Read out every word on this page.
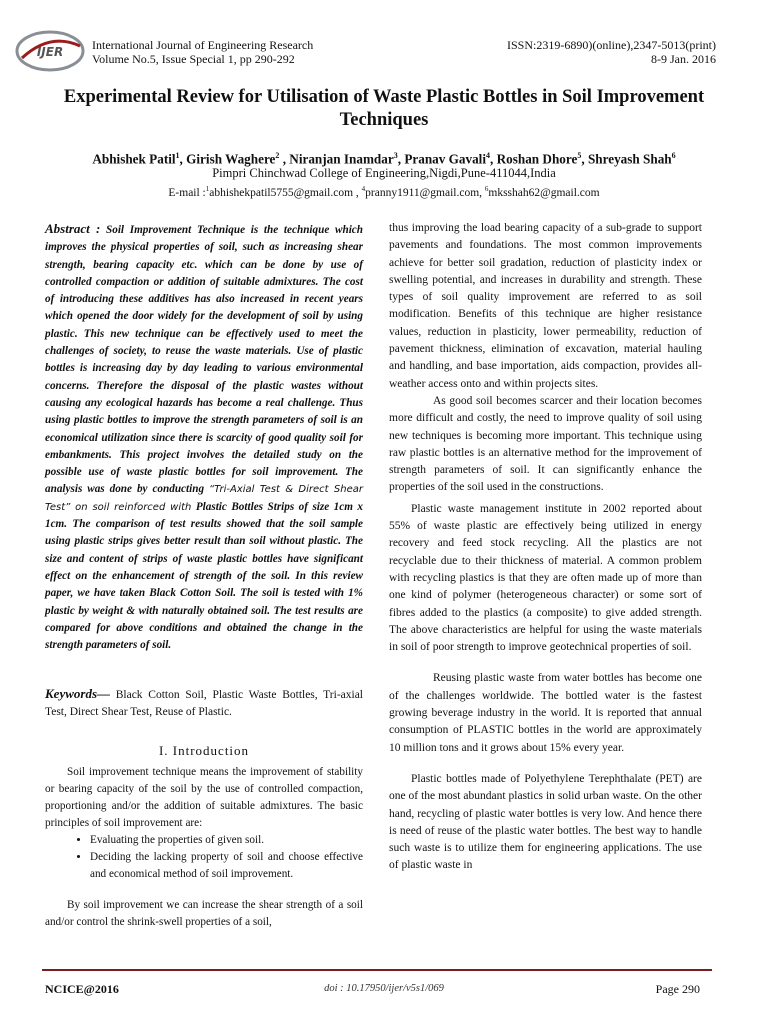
IJER International Journal of Engineering Research
Volume No.5, Issue Special 1, pp 290-292
ISSN:2319-6890)(online),2347-5013(print)
8-9 Jan. 2016
Experimental Review for Utilisation of Waste Plastic Bottles in Soil Improvement Techniques
Abhishek Patil$^1$, Girish Waghere$^2$ , Niranjan Inamdar$^3$, Pranav Gavali$^4$, Roshan Dhore$^5$, Shreyash Shah$^6$
Pimpri Chinchwad College of Engineering,Nigdi,Pune-411044,India
E-mail :$^1$abhishekpatil5755@gmail.com , $^4$pranny1911@gmail.com, $^6$mksshah62@gmail.com
Abstract : Soil Improvement Technique is the technique which improves the physical properties of soil, such as increasing shear strength, bearing capacity etc. which can be done by use of controlled compaction or addition of suitable admixtures. The cost of introducing these additives has also increased in recent years which opened the door widely for the development of soil by using plastic. This new technique can be effectively used to meet the challenges of society, to reuse the waste materials. Use of plastic bottles is increasing day by day leading to various environmental concerns. Therefore the disposal of the plastic wastes without causing any ecological hazards has become a real challenge. Thus using plastic bottles to improve the strength parameters of soil is an economical utilization since there is scarcity of good quality soil for embankments. This project involves the detailed study on the possible use of waste plastic bottles for soil improvement. The analysis was done by conducting “Tri-Axial Test & Direct Shear Test” on soil reinforced with Plastic Bottles Strips of size 1cm x 1cm. The comparison of test results showed that the soil sample using plastic strips gives better result than soil without plastic. The size and content of strips of waste plastic bottles have significant effect on the enhancement of strength of the soil. In this review paper, we have taken Black Cotton Soil. The soil is tested with 1% plastic by weight & with naturally obtained soil. The test results are compared for above conditions and obtained the change in the strength parameters of soil.
Keywords— Black Cotton Soil, Plastic Waste Bottles, Tri-axial Test, Direct Shear Test, Reuse of Plastic.
I. Introduction

Soil improvement technique means the improvement of stability or bearing capacity of the soil by the use of controlled compaction, proportioning and/or the addition of suitable admixtures. The basic principles of soil improvement are:

• Evaluating the properties of given soil.
• Deciding the lacking property of soil and choose effective and economical method of soil improvement.

By soil improvement we can increase the shear strength of a soil and/or control the shrink-swell properties of a soil,

thus improving the load bearing capacity of a sub-grade to support pavements and foundations. The most common improvements achieve for better soil gradation, reduction of plasticity index or swelling potential, and increases in durability and strength. These types of soil quality improvement are referred to as soil modification. Benefits of this technique are higher resistance values, reduction in plasticity, lower permeability, reduction of pavement thickness, elimination of excavation, material hauling and handling, and base importation, aids compaction, provides all-weather access onto and within projects sites.

As good soil becomes scarcer and their location becomes more difficult and costly, the need to improve quality of soil using new techniques is becoming more important. This technique using raw plastic bottles is an alternative method for the improvement of strength parameters of soil. It can significantly enhance the properties of the soil used in the constructions.

Plastic waste management institute in 2002 reported about 55% of waste plastic are effectively being utilized in energy recovery and feed stock recycling. All the plastics are not recyclable due to their thickness of material. A common problem with recycling plastics is that they are often made up of more than one kind of polymer (heterogeneous character) or some sort of fibres added to the plastics (a composite) to give added strength. The above characteristics are helpful for using the waste materials in soil of poor strength to improve geotechnical properties of soil.

Reusing plastic waste from water bottles has become one of the challenges worldwide. The bottled water is the fastest growing beverage industry in the world. It is reported that annual consumption of PLASTIC bottles in the world are approximately 10 million tons and it grows about 15% every year.

Plastic bottles made of Polyethylene Terephthalate (PET) are one of the most abundant plastics in solid urban waste. On the other hand, recycling of plastic water bottles is very low. And hence there is need of reuse of the plastic water bottles. The best way to handle such waste is to utilize them for engineering applications. The use of plastic waste in

NCICE@2016	doi : 10.17950/ijer/v5s1/069	Page 290
